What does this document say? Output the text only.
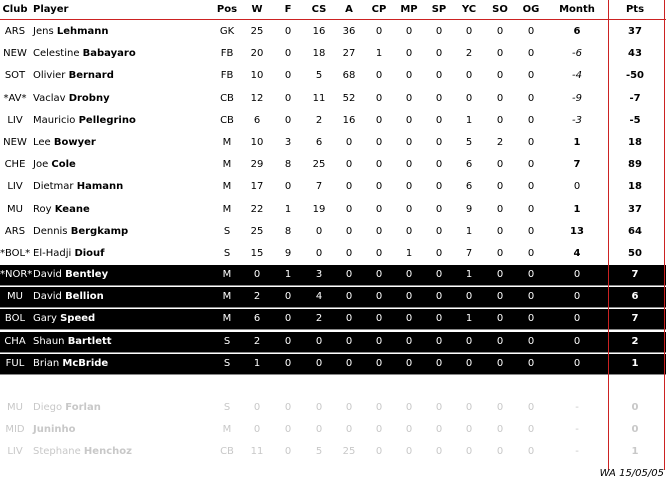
Club Player	Pos	W	F	CS	A	CP	MP	SP	YC	SO	OG	Month	Pts
ARS Jens Lehmann	GK	25	0	16	36	0	0	0	0	0	0	6	37
NEW Celestine Babayaro	FB	20	0	18	27	1	0	0	2	0	0	-6	43
SOT Olivier Bernard	FB	10	0	5	68	0	0	0	0	0	0	-4	-50
*AV* Vaclav Drobny	CB	12	0	11	52	0	0	0	0	0	0	-9	-7
LIV	Mauricio Pellegrino	CB	6	0	2	16	0	0	0	1	0	0	-3	-5
NEW Lee Bowyer	M	10	3	6	0	0	0	0	5	2	0	1	18
CHE Joe Cole	M	29	8	25	0	0	0	0	6	0	0	7	89
LIV	Dietmar Hamann	M	17	0	7	0	0	0	0	6	0	0	0	18
MU	Roy Keane	M	22	1	19	0	0	0	0	9	0	0	1	37
ARS Dennis Bergkamp	S	25	8	0	0	0	0	0	1	0	0	13	64
*BOL* El-Hadji Diouf	S	15	9	0	0	0	1	0	7	0	0	4	50
*NOR* David Bentley	M	0	1	3	0	0	0	0	1	0	0	0	7
MU	David Bellion	M	2	0	4	0	0	0	0	0	0	0	0	6
BOL Gary Speed	M	6	0	2	0	0	0	0	1	0	0	0	7
CHA Shaun Bartlett	S	2	0	0	0	0	0	0	0	0	0	0	2
FUL Brian McBride	S	1	0	0	0	0	0	0	0	0	0	0	1
MU	Diego Forlan	S	0	0	0	0	0	0	0	0	0	0	-	0
MID Juninho	M	0	0	0	0	0	0	0	0	0	0	-	0
LIV	Stephane Henchoz	CB	11	0	5	25	0	0	0	0	0	0	-	1
WA 15/05/05
